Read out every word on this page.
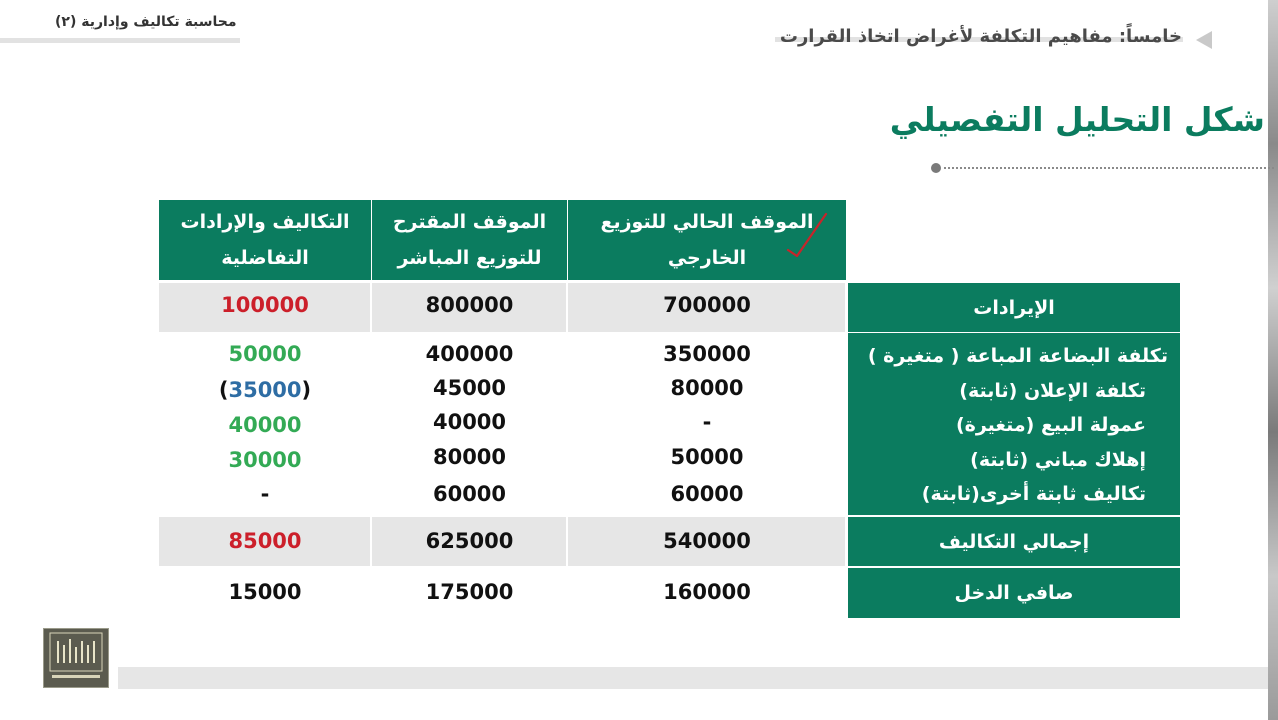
محاسبة تكاليف وإدارية (٢)
خامساً: مفاهيم التكلفة لأغراض اتخاذ القرارت
شكل التحليل التفصيلي
الموقف الحالي للتوزيع
الخارجي
الموقف المقترح
للتوزيع المباشر
التكاليف والإرادات
التفاضلية
الإيرادات
تكلفة البضاعة المباعة ( متغيرة )
تكلفة الإعلان (ثابتة)
عمولة البيع (متغيرة)
إهلاك مباني (ثابتة)
تكاليف ثابتة أخرى(ثابتة)
إجمالي التكاليف
صافي الدخل
700000
800000
100000
350000
80000
-
50000
60000
400000
45000
40000
80000
60000
50000
(35000)
40000
30000
-
540000
625000
85000
160000
175000
15000
